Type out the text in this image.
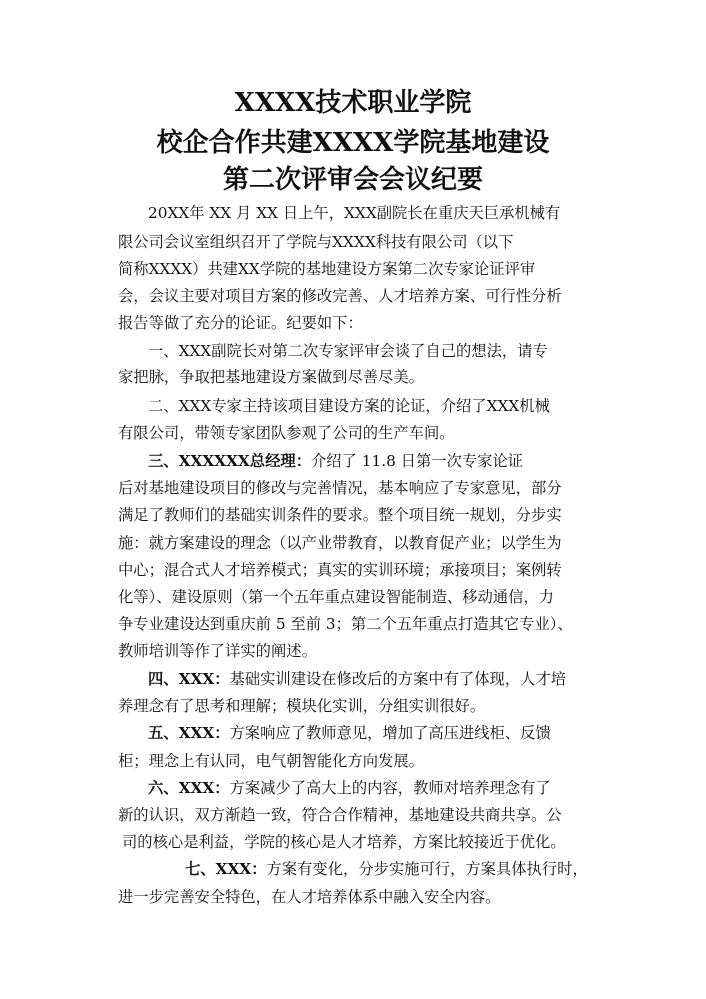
XXXX技术职业学院
校企合作共建XXXX学院基地建设
第二次评审会会议纪要

20XX年 XX 月 XX 日上午，XXX副院长在重庆天巨承机械有

限公司会议室组织召开了学院与XXXX科技有限公司（以下

简称XXXX）共建XX学院的基地建设方案第二次专家论证评审

会，会议主要对项目方案的修改完善、人才培养方案、可行性分析

报告等做了充分的论证。纪要如下：

一、XXX副院长对第二次专家评审会谈了自己的想法，请专

家把脉，争取把基地建设方案做到尽善尽美。

二、XXX专家主持该项目建设方案的论证，介绍了XXX机械

有限公司，带领专家团队参观了公司的生产车间。

三、XXXXXX总经理：介绍了 11.8 日第一次专家论证

后对基地建设项目的修改与完善情况，基本响应了专家意见，部分

满足了教师们的基础实训条件的要求。整个项目统一规划，分步实

施：就方案建设的理念（以产业带教育，以教育促产业；以学生为

中心；混合式人才培养模式；真实的实训环境；承接项目；案例转

化等）、建设原则（第一个五年重点建设智能制造、移动通信，力

争专业建设达到重庆前 5 至前 3；第二个五年重点打造其它专业）、

教师培训等作了详实的阐述。

四、XXX：基础实训建设在修改后的方案中有了体现，人才培

养理念有了思考和理解；模块化实训，分组实训很好。

五、XXX：方案响应了教师意见，增加了高压进线柜、反馈

柜；理念上有认同，电气朝智能化方向发展。

六、XXX：方案减少了高大上的内容，教师对培养理念有了

新的认识，双方渐趋一致，符合合作精神，基地建设共商共享。公

司的核心是利益，学院的核心是人才培养，方案比较接近于优化。

七、XXX：方案有变化，分步实施可行，方案具体执行时，

进一步完善安全特色，在人才培养体系中融入安全内容。
